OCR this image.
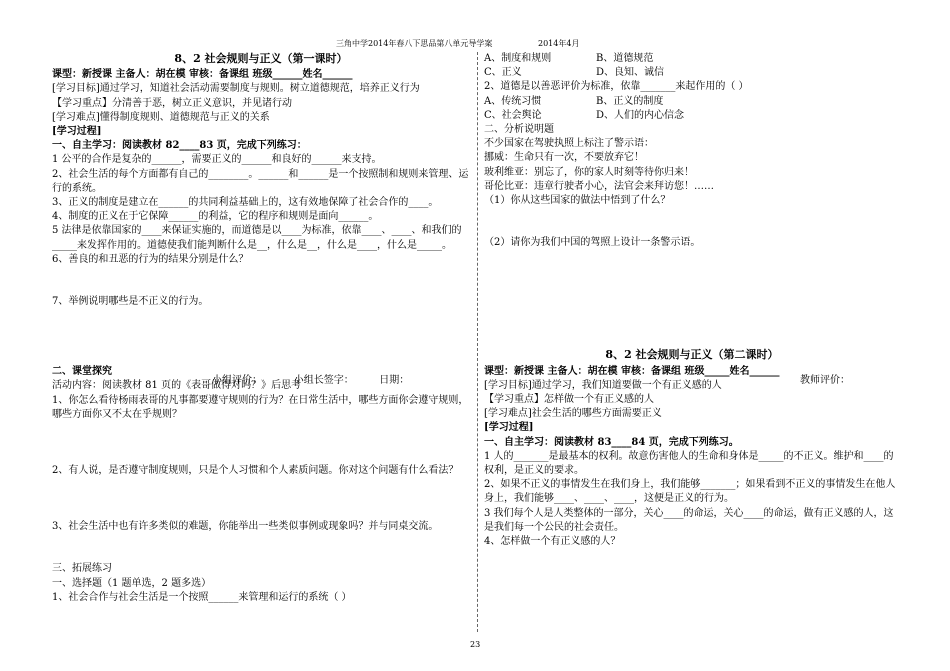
三角中学2014年春八下思品第八单元导学案	2014年4月
8、2 社会规则与正义（第一课时）

课型：新授课 主备人：胡在模 审核：备课组 班级______姓名______

[学习目标]通过学习，知道社会活动需要制度与规则。树立道德规范，培养正义行为

【学习重点】分清善于恶，树立正义意识，并见诸行动

[学习难点]懂得制度规则、道德规范与正义的关系

[学习过程]

一、自主学习：阅读教材 82____83 页，完成下列练习：

1 公平的合作是复杂的______，需要正义的______和良好的______来支持。

2、社会生活的每个方面都有自己的________。______和______是一个按照制和规则来管理、运行的系统。

3、正义的制度是建立在______的共同利益基础上的，这有效地保障了社会合作的____。

4、制度的正义在于它保障______的利益，它的程序和规则是面向______。

5 法律是依靠国家的____来保证实施的，而道德是以____为标准，依靠____、____、和我们的_____来发挥作用的。道德使我们能判断什么是__，什么是__，什么是____，什么是_____。

6、善良的和丑恶的行为的结果分别是什么？

7、举例说明哪些是不正义的行为。

二、课堂探究

活动内容：阅读教材 81 页的《表哥做得对吗？》后思考

1、你怎么看待杨雨表哥的凡事都要遵守规则的行为？在日常生活中，哪些方面你会遵守规则，哪些方面你又不太在乎规则？

2、有人说，是否遵守制度规则，只是个人习惯和个人素质问题。你对这个问题有什么看法？

3、社会生活中也有许多类似的难题，你能举出一些类似事例或现象吗？并与同桌交流。

三、拓展练习

一、选择题（1 题单选，2 题多选）

1、社会合作与社会生活是一个按照______来管理和运行的系统（ ）

小组评价：          小组长签字：        日期：
A、制度和规则	B、道德规范
C、正义	D、良知、诚信

2、道德是以善恶评价为标准，依靠_______来起作用的（ ）

A、传统习惯	B、正义的制度
C、社会舆论	D、人们的内心信念

二、分析说明题

不少国家在驾驶执照上标注了警示语：

挪威：生命只有一次，不要放弃它！

玻利维亚：别忘了，你的家人时刻等待你归来！

哥伦比亚：违章行驶者小心，法官会来拜访您！……

（1）你从这些国家的做法中悟到了什么？

（2）请你为我们中国的驾照上设计一条警示语。

8、2 社会规则与正义（第二课时）

课型：新授课 主备人：胡在模 审核：备课组 班级_____姓名______

[学习目标]通过学习，我们知道要做一个有正义感的人

【学习重点】怎样做一个有正义感的人

[学习难点]社会生活的哪些方面需要正义

[学习过程]

一、自主学习：阅读教材 83____84 页，完成下列练习。

1 人的_______是最基本的权利。故意伤害他人的生命和身体是_____的不正义。维护和____的权利，是正义的要求。

2、如果不正义的事情发生在我们身上，我们能够_______；如果看到不正义的事情发生在他人身上，我们能够____、____、____，这便是正义的行为。

3 我们每个人是人类整体的一部分，关心____的命运，关心____的命运，做有正义感的人，这是我们每一个公民的社会责任。

4、怎样做一个有正义感的人？

教师评价：
23
